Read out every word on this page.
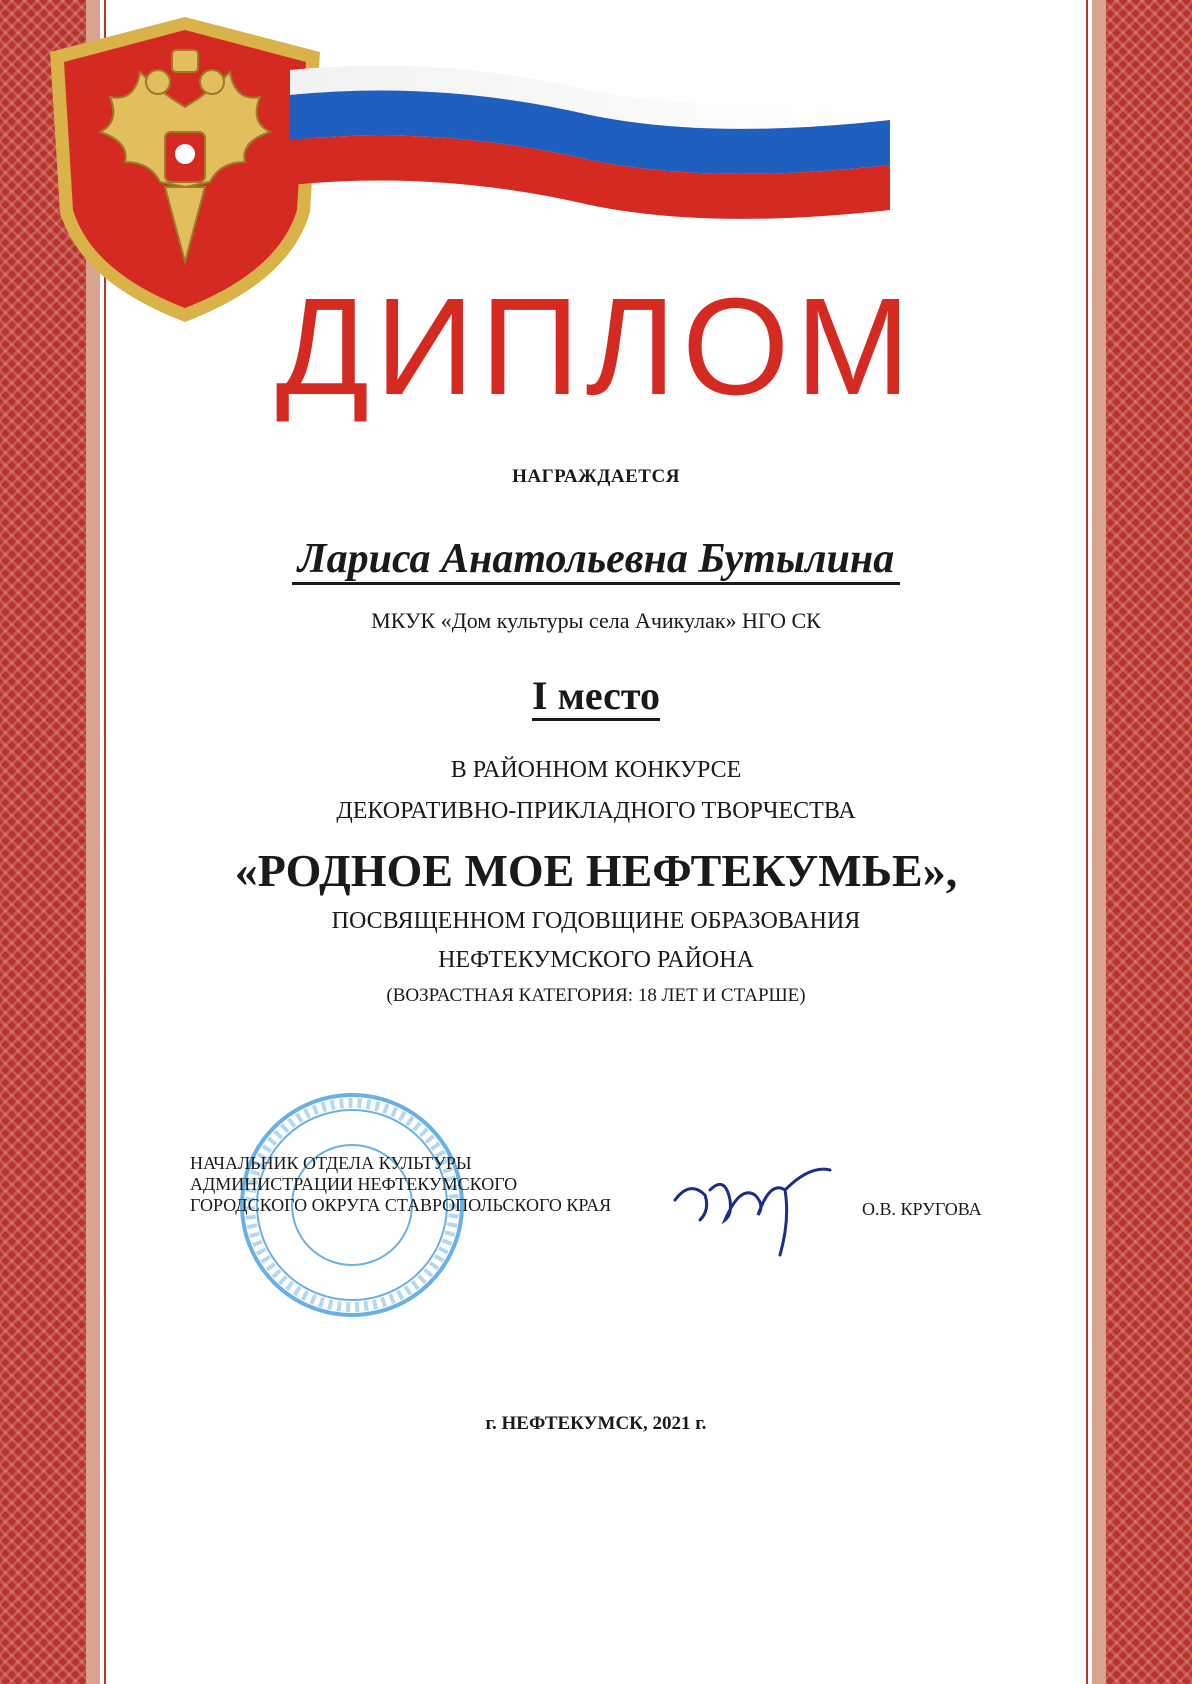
ДИПЛОМ
НАГРАЖДАЕТСЯ
Лариса Анатольевна Бутылина
МКУК «Дом культуры села Ачикулак» НГО СК
I место
В РАЙОННОМ КОНКУРСЕ
ДЕКОРАТИВНО-ПРИКЛАДНОГО ТВОРЧЕСТВА
«РОДНОЕ МОЕ НЕФТЕКУМЬЕ»,
ПОСВЯЩЕННОМ ГОДОВЩИНЕ ОБРАЗОВАНИЯ
НЕФТЕКУМСКОГО РАЙОНА
(ВОЗРАСТНАЯ КАТЕГОРИЯ: 18 ЛЕТ И СТАРШЕ)
НАЧАЛЬНИК ОТДЕЛА КУЛЬТУРЫ
АДМИНИСТРАЦИИ НЕФТЕКУМСКОГО
ГОРОДСКОГО ОКРУГА СТАВРОПОЛЬСКОГО КРАЯ	О.В. КРУГОВА
г. НЕФТЕКУМСК, 2021 г.
